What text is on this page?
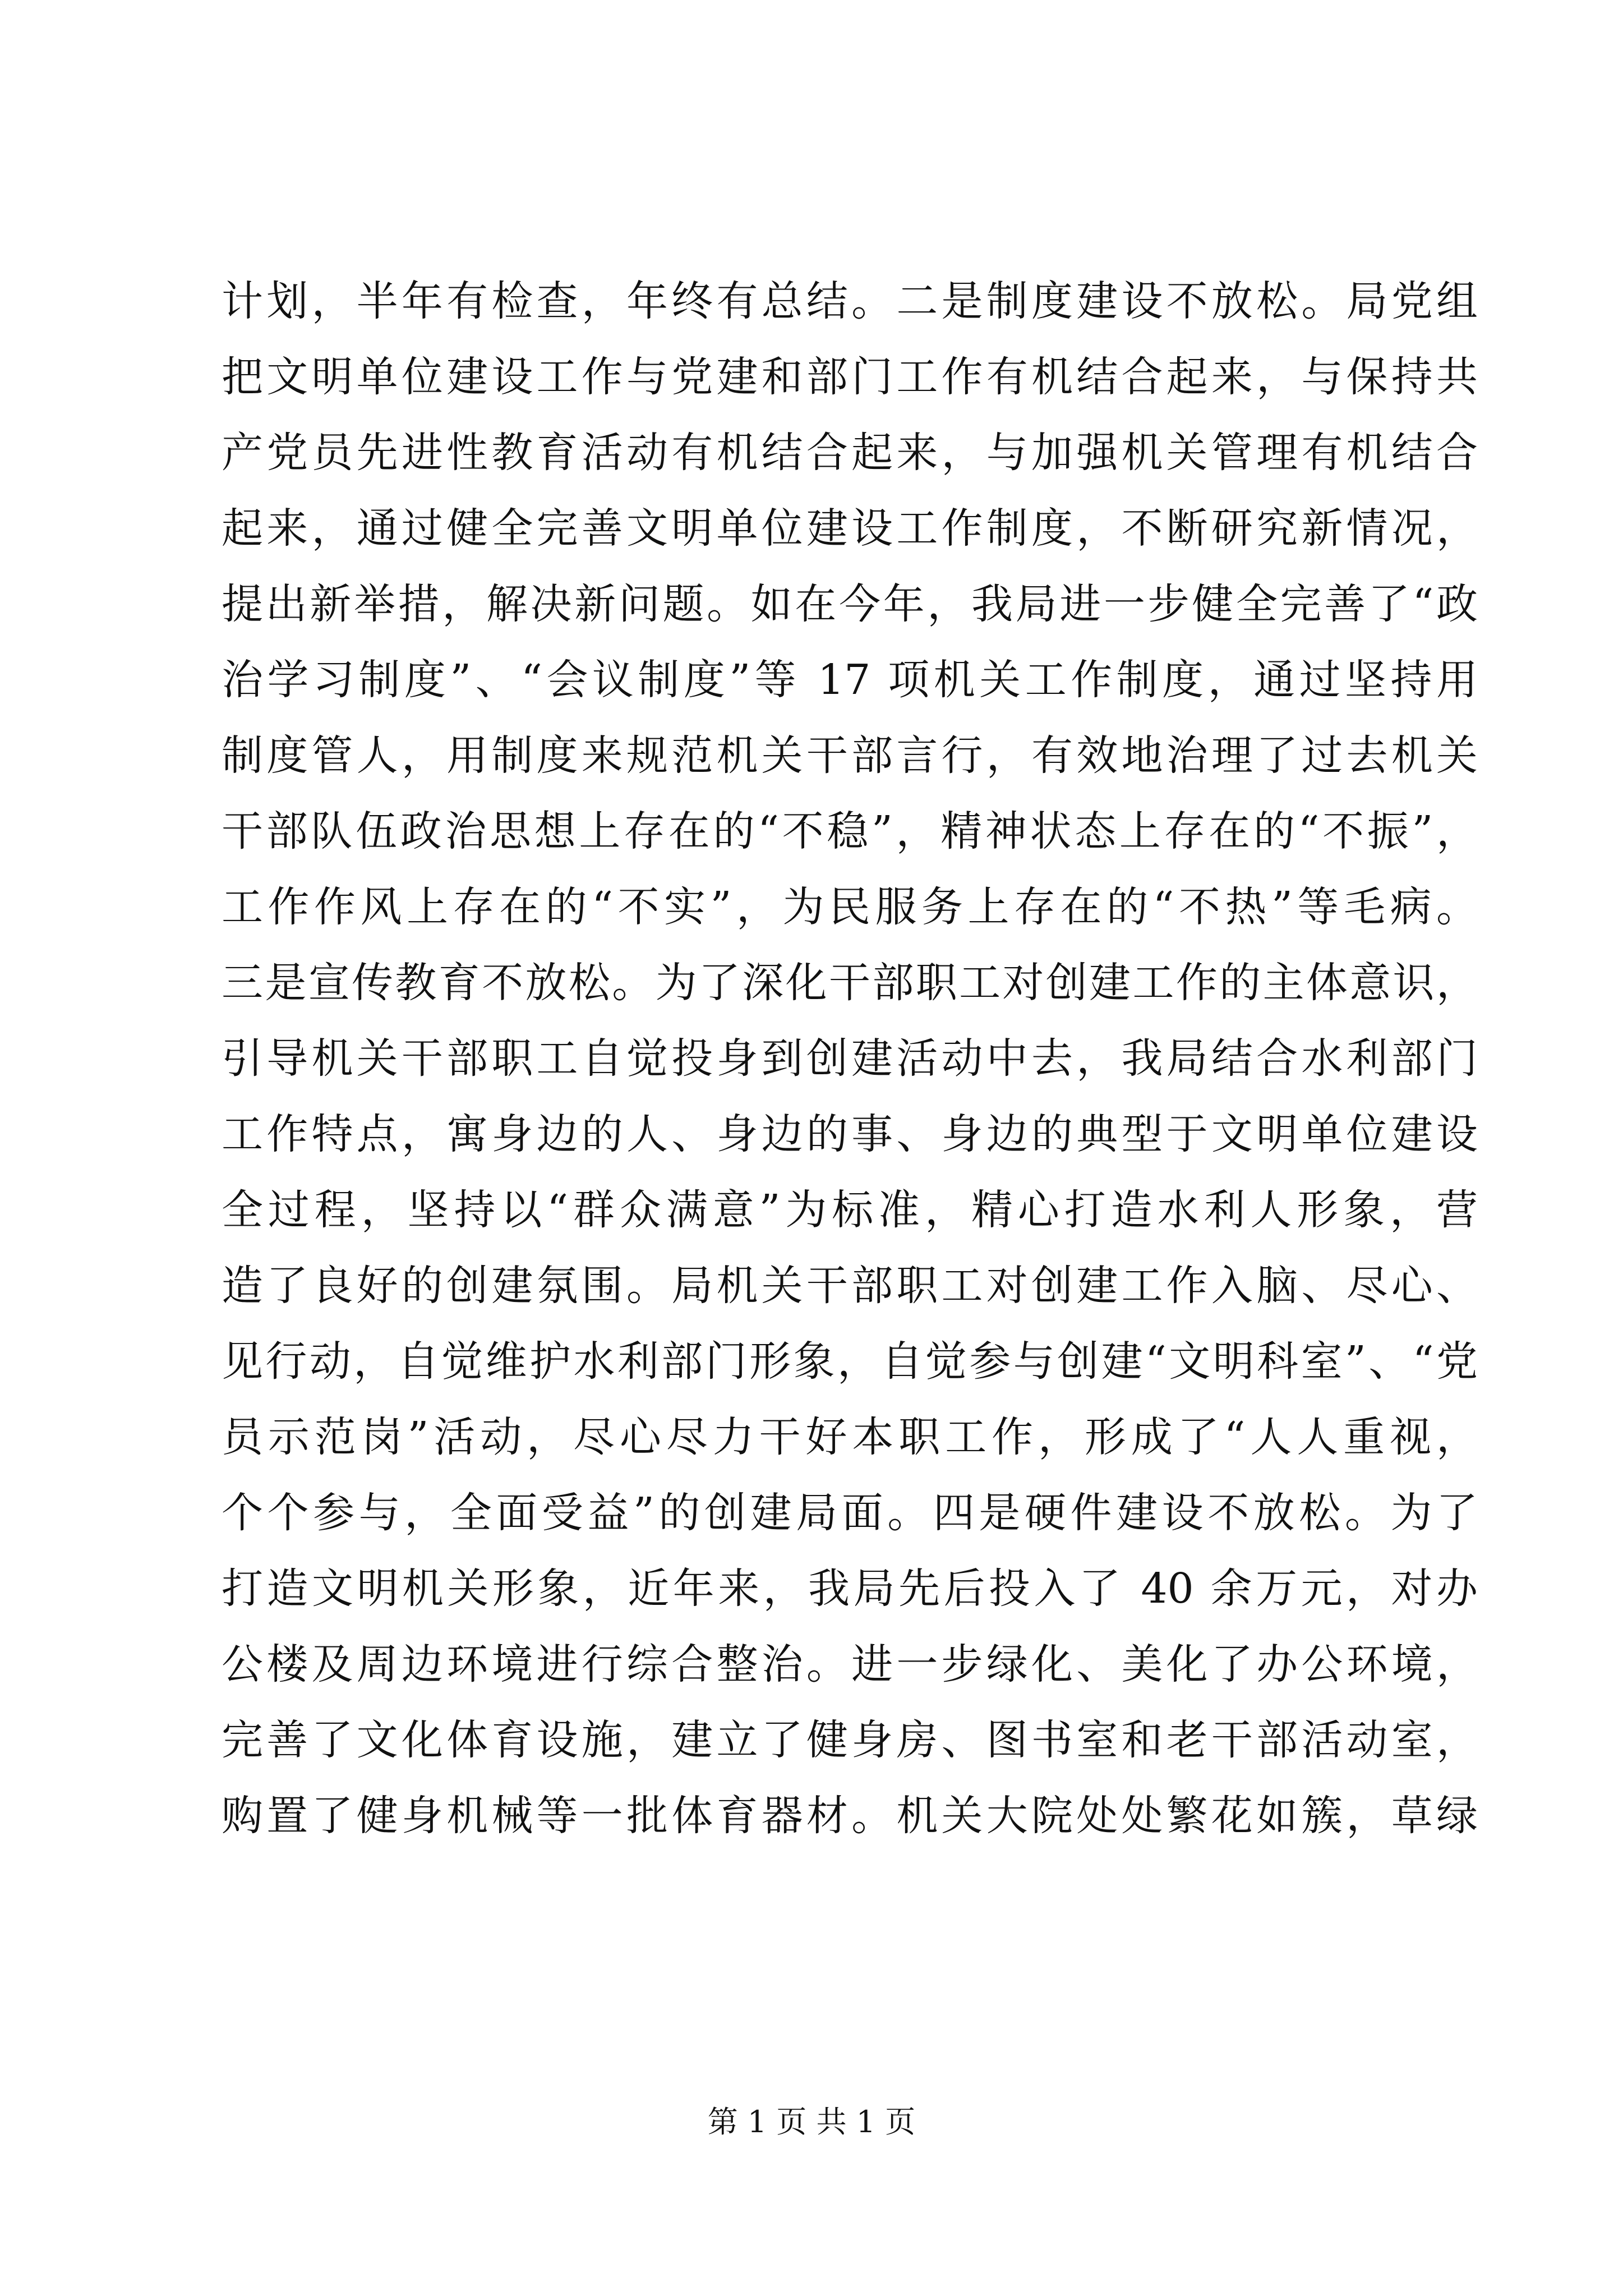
计划，半年有检查，年终有总结。二是制度建设不放松。局党组
把文明单位建设工作与党建和部门工作有机结合起来，与保持共
产党员先进性教育活动有机结合起来，与加强机关管理有机结合
起来，通过健全完善文明单位建设工作制度，不断研究新情况，
提出新举措，解决新问题。如在今年，我局进一步健全完善了“政
治学习制度”、“会议制度”等 17 项机关工作制度，通过坚持用
制度管人，用制度来规范机关干部言行，有效地治理了过去机关
干部队伍政治思想上存在的“不稳”，精神状态上存在的“不振”，
工作作风上存在的“不实”，为民服务上存在的“不热”等毛病。
三是宣传教育不放松。为了深化干部职工对创建工作的主体意识，
引导机关干部职工自觉投身到创建活动中去，我局结合水利部门
工作特点，寓身边的人、身边的事、身边的典型于文明单位建设
全过程，坚持以“群众满意”为标准，精心打造水利人形象，营
造了良好的创建氛围。局机关干部职工对创建工作入脑、尽心、
见行动，自觉维护水利部门形象，自觉参与创建“文明科室”、“党
员示范岗”活动，尽心尽力干好本职工作，形成了“人人重视，
个个参与，全面受益”的创建局面。四是硬件建设不放松。为了
打造文明机关形象，近年来，我局先后投入了 40 余万元，对办
公楼及周边环境进行综合整治。进一步绿化、美化了办公环境，
完善了文化体育设施，建立了健身房、图书室和老干部活动室，
购置了健身机械等一批体育器材。机关大院处处繁花如簇，草绿
第 1 页 共 1 页
